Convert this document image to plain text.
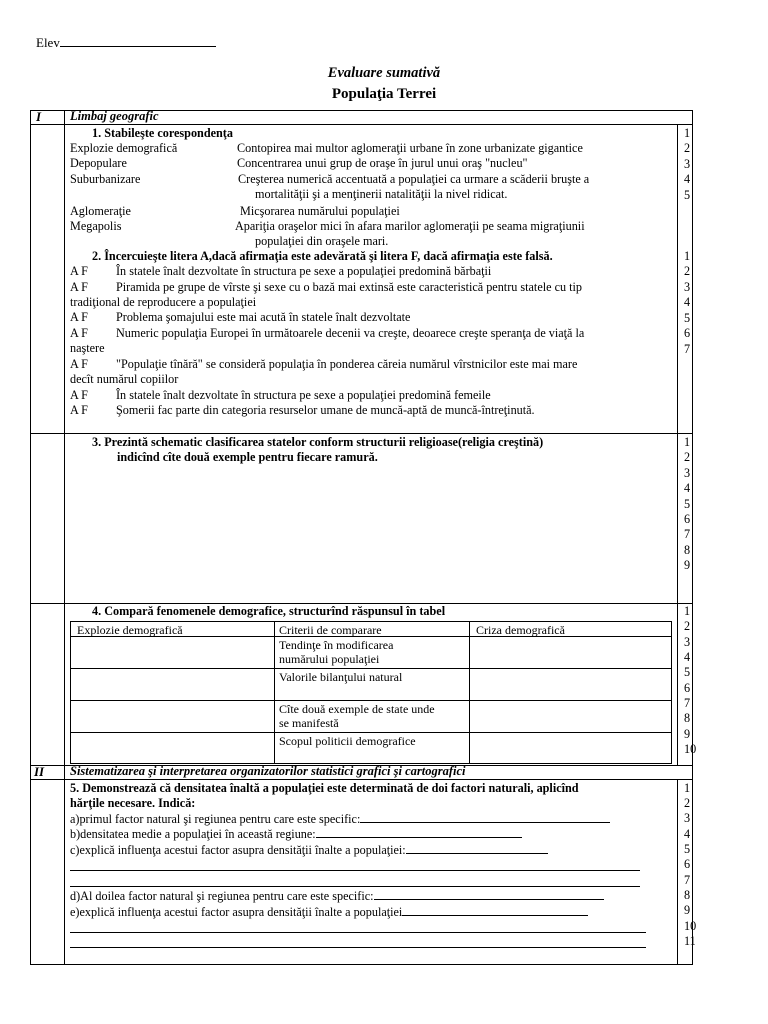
Elev
Evaluare sumativă
Populaţia Terrei
I Limbaj geografic
1. Stabileşte corespondenţa
Explozie demografică
Depopulare
Suburbanizare
Aglomeraţie
Megapolis
Contopirea mai multor aglomeraţii urbane în zone urbanizate gigantice
Concentrarea unui grup de oraşe în jurul unui oraş "nucleu"
Creşterea numerică accentuată a populaţiei ca urmare a scăderii bruşte a
mortalităţii şi a menţinerii natalităţii la nivel ridicat.
Micşorarea numărului populaţiei
Apariţia oraşelor mici în afara marilor aglomeraţii pe seama migraţiunii
populaţiei din oraşele mari.
1
2
3
4
5
2. Încercuieşte litera A,dacă afirmaţia este adevărată şi litera F, dacă afirmaţia este falsă.
A F În statele înalt dezvoltate în structura pe sexe a populaţiei predomină bărbaţii
A F Piramida pe grupe de vîrste şi sexe cu o bază mai extinsă este caracteristică pentru statele cu tip
tradiţional de reproducere a populaţiei
A F Problema şomajului este mai acută în statele înalt dezvoltate
A F Numeric populaţia Europei în următoarele decenii va creşte, deoarece creşte speranţa de viaţă la
naştere
A F "Populaţie tînără" se consideră populaţia în ponderea căreia numărul vîrstnicilor este mai mare
decît numărul copiilor
A F În statele înalt dezvoltate în structura pe sexe a populaţiei predomină femeile
A F Şomerii fac parte din categoria resurselor umane de muncă-aptă de muncă-întreţinută.
1
2
3
4
5
6
7
3. Prezintă schematic clasificarea statelor conform structurii religioase(religia creştină)
indicînd cîte două exemple pentru fiecare ramură.
1
2
3
4
5
6
7
8
9
4. Compară fenomenele demografice, structurînd răspunsul în tabel
Explozie demografică	Criterii de comparare	Criza demografică
Tendinţe în modificarea
numărului populaţiei
Valorile bilanţului natural
Cîte două exemple de state unde
se manifestă
Scopul politicii demografice
1
2
3
4
5
6
7
8
9
10
II Sistematizarea şi interpretarea organizatorilor statistici grafici şi cartografici
5. Demonstrează că densitatea înaltă a populaţiei este determinată de doi factori naturali, aplicînd
hărţile necesare. Indică:
a)primul factor natural şi regiunea pentru care este specific:
b)densitatea medie a populaţiei în această regiune:
c)explică influenţa acestui factor asupra densităţii înalte a populaţiei:
d)Al doilea factor natural şi regiunea pentru care este specific:
e)explică influenţa acestui factor asupra densităţii înalte a populaţiei
1
2
3
4
5
6
7
8
9
10
11
